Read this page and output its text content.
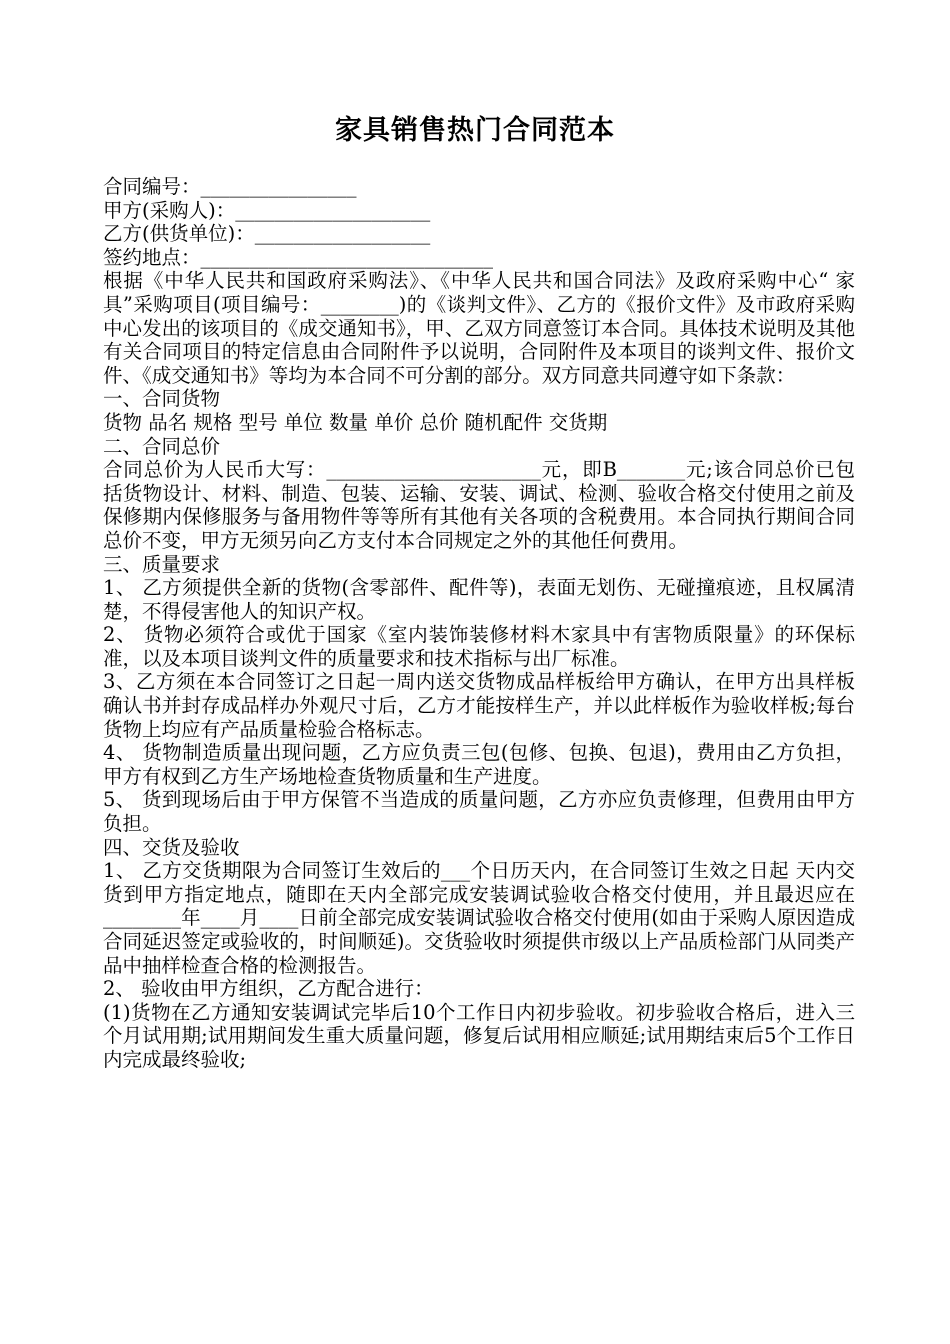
家具销售热门合同范本

合同编号：________________

甲方(采购人)：____________________

乙方(供货单位)：__________________

签约地点：______________________________

根据《中华人民共和国政府采购法》、《中华人民共和国合同法》及政府采购中心“ 家具”采购项目(项目编号：________)的《谈判文件》、乙方的《报价文件》及市政府采购中心发出的该项目的《成交通知书》，甲、乙双方同意签订本合同。具体技术说明及其他有关合同项目的特定信息由合同附件予以说明，合同附件及本项目的谈判文件、报价文件、《成交通知书》等均为本合同不可分割的部分。双方同意共同遵守如下条款：

一、合同货物

货物 品名 规格 型号 单位 数量 单价 总价 随机配件 交货期

二、合同总价

合同总价为人民币大写：______________________元，即B_______元;该合同总价已包括货物设计、材料、制造、包装、运输、安装、调试、检测、验收合格交付使用之前及保修期内保修服务与备用物件等等所有其他有关各项的含税费用。本合同执行期间合同总价不变，甲方无须另向乙方支付本合同规定之外的其他任何费用。

三、质量要求

1、 乙方须提供全新的货物(含零部件、配件等)，表面无划伤、无碰撞痕迹，且权属清楚，不得侵害他人的知识产权。

2、 货物必须符合或优于国家《室内装饰装修材料木家具中有害物质限量》的环保标准，以及本项目谈判文件的质量要求和技术指标与出厂标准。

3、乙方须在本合同签订之日起一周内送交货物成品样板给甲方确认，在甲方出具样板确认书并封存成品样办外观尺寸后，乙方才能按样生产，并以此样板作为验收样板;每台货物上均应有产品质量检验合格标志。

4、 货物制造质量出现问题，乙方应负责三包(包修、包换、包退)，费用由乙方负担，甲方有权到乙方生产场地检查货物质量和生产进度。

5、 货到现场后由于甲方保管不当造成的质量问题，乙方亦应负责修理，但费用由甲方负担。

四、交货及验收

1、 乙方交货期限为合同签订生效后的___个日历天内，在合同签订生效之日起 天内交货到甲方指定地点，随即在天内全部完成安装调试验收合格交付使用，并且最迟应在________年____月____日前全部完成安装调试验收合格交付使用(如由于采购人原因造成合同延迟签定或验收的，时间顺延)。交货验收时须提供市级以上产品质检部门从同类产品中抽样检查合格的检测报告。

2、 验收由甲方组织，乙方配合进行：

(1)货物在乙方通知安装调试完毕后10个工作日内初步验收。初步验收合格后，进入三个月试用期;试用期间发生重大质量问题，修复后试用相应顺延;试用期结束后5个工作日内完成最终验收;
